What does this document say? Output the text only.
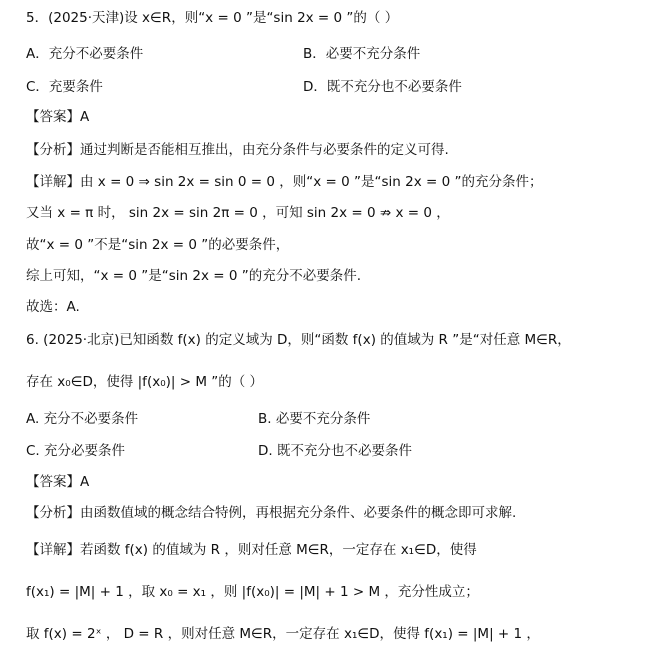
5．(2025·天津)设 x∈R，则“x = 0 ”是“sin 2x = 0 ”的（ ）
A．充分不必要条件	B．必要不充分条件
C．充要条件	D．既不充分也不必要条件
【答案】A
【分析】通过判断是否能相互推出，由充分条件与必要条件的定义可得.
【详解】由 x = 0 ⇒ sin 2x = sin 0 = 0 ，则“x = 0 ”是“sin 2x = 0 ”的充分条件；
又当 x = π 时， sin 2x = sin 2π = 0 ，可知 sin 2x = 0 ⇏ x = 0 ，
故“x = 0 ”不是“sin 2x = 0 ”的必要条件，
综上可知，“x = 0 ”是“sin 2x = 0 ”的充分不必要条件.
故选：A.
6. (2025·北京)已知函数 f(x) 的定义域为 D，则“函数 f(x) 的值域为 R ”是“对任意 M∈R，
存在 x₀∈D，使得 |f(x₀)| > M ”的（ ）
A. 充分不必要条件	B. 必要不充分条件
C. 充分必要条件	D. 既不充分也不必要条件
【答案】A
【分析】由函数值域的概念结合特例，再根据充分条件、必要条件的概念即可求解.
【详解】若函数 f(x) 的值域为 R ，则对任意 M∈R，一定存在 x₁∈D，使得
f(x₁) = |M| + 1 ，取 x₀ = x₁ ，则 |f(x₀)| = |M| + 1 > M ，充分性成立；
取 f(x) = 2ˣ ， D = R ，则对任意 M∈R，一定存在 x₁∈D，使得 f(x₁) = |M| + 1 ，
